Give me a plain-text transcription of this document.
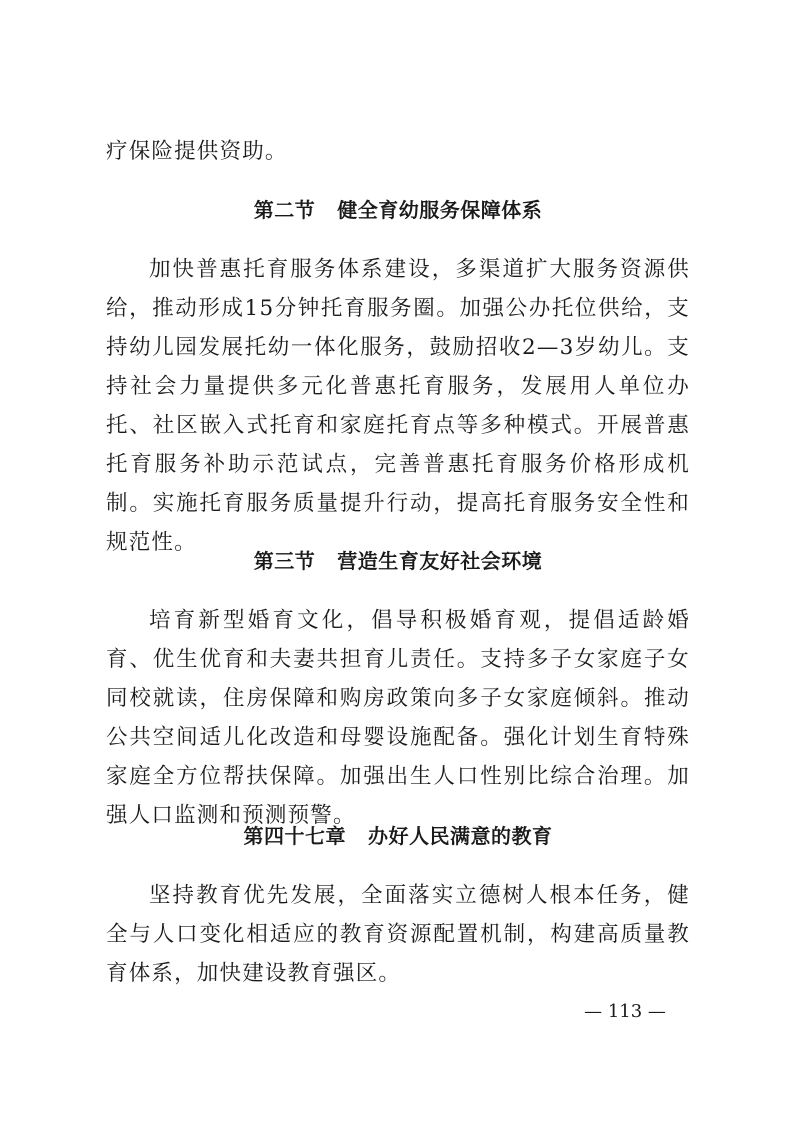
疗保险提供资助。

第二节 健全育幼服务保障体系

加快普惠托育服务体系建设，多渠道扩大服务资源供给，推动形成15分钟托育服务圈。加强公办托位供给，支持幼儿园发展托幼一体化服务，鼓励招收2—3岁幼儿。支持社会力量提供多元化普惠托育服务，发展用人单位办托、社区嵌入式托育和家庭托育点等多种模式。开展普惠托育服务补助示范试点，完善普惠托育服务价格形成机制。实施托育服务质量提升行动，提高托育服务安全性和规范性。

第三节 营造生育友好社会环境

培育新型婚育文化，倡导积极婚育观，提倡适龄婚育、优生优育和夫妻共担育儿责任。支持多子女家庭子女同校就读，住房保障和购房政策向多子女家庭倾斜。推动公共空间适儿化改造和母婴设施配备。强化计划生育特殊家庭全方位帮扶保障。加强出生人口性别比综合治理。加强人口监测和预测预警。

第四十七章 办好人民满意的教育

坚持教育优先发展，全面落实立德树人根本任务，健全与人口变化相适应的教育资源配置机制，构建高质量教育体系，加快建设教育强区。

— 113 —
